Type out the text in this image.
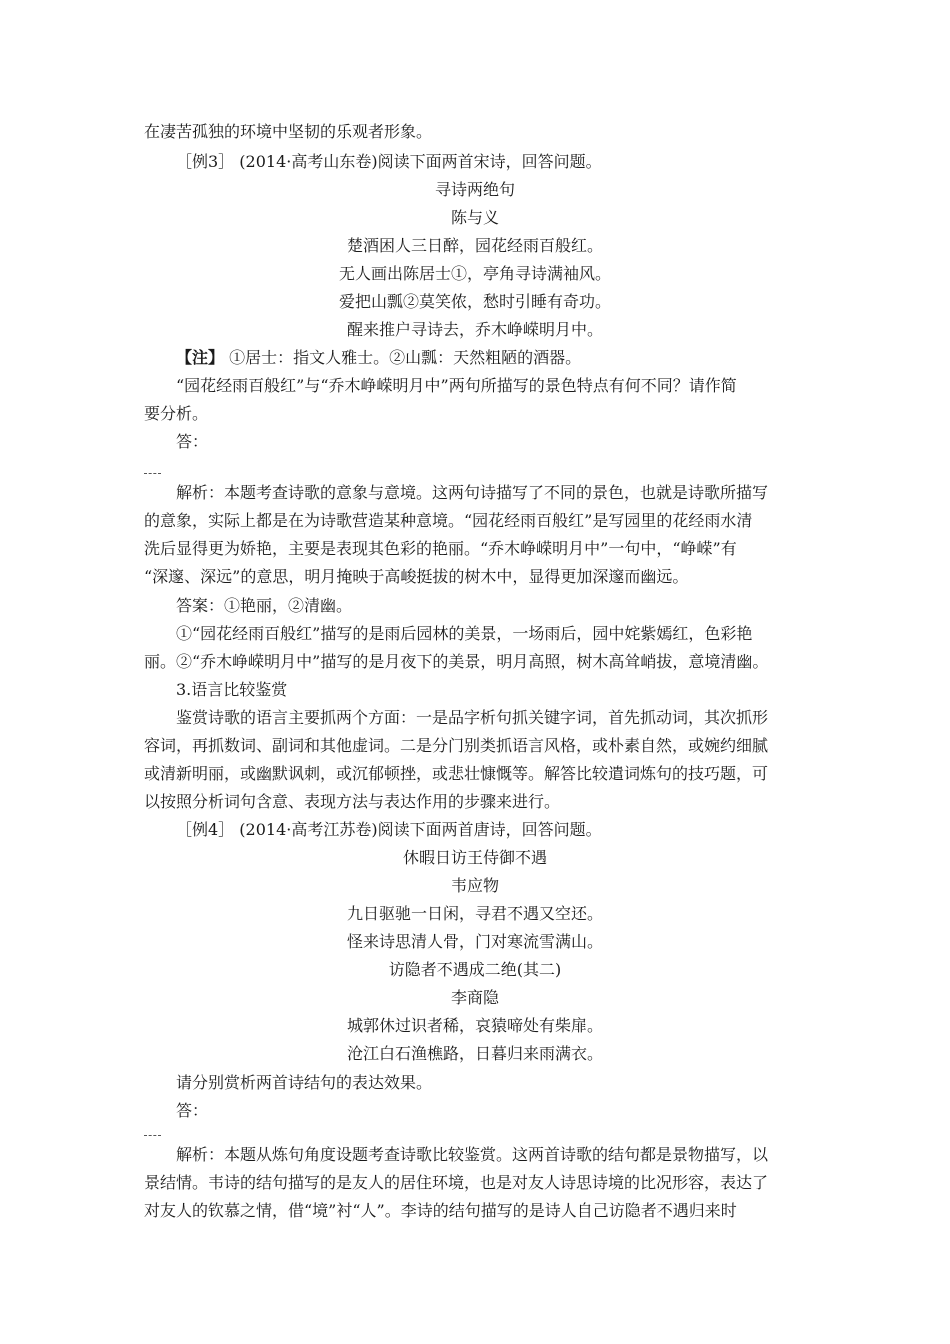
在凄苦孤独的环境中坚韧的乐观者形象。

［例3］ (2014·高考山东卷)阅读下面两首宋诗，回答问题。

寻诗两绝句

陈与义

楚酒困人三日醉，园花经雨百般红。

无人画出陈居士①，亭角寻诗满袖风。

爱把山瓢②莫笑侬，愁时引睡有奇功。

醒来推户寻诗去，乔木峥嵘明月中。

【注】 ①居士：指文人雅士。②山瓢：天然粗陋的酒器。

“园花经雨百般红”与“乔木峥嵘明月中”两句所描写的景色特点有何不同？请作简

要分析。

答：

解析：本题考查诗歌的意象与意境。这两句诗描写了不同的景色，也就是诗歌所描写

的意象，实际上都是在为诗歌营造某种意境。“园花经雨百般红”是写园里的花经雨水清

洗后显得更为娇艳，主要是表现其色彩的艳丽。“乔木峥嵘明月中”一句中，“峥嵘”有

“深邃、深远”的意思，明月掩映于高峻挺拔的树木中，显得更加深邃而幽远。

答案：①艳丽，②清幽。

①“园花经雨百般红”描写的是雨后园林的美景，一场雨后，园中姹紫嫣红，色彩艳

丽。②“乔木峥嵘明月中”描写的是月夜下的美景，明月高照，树木高耸峭拔，意境清幽。

3.语言比较鉴赏

鉴赏诗歌的语言主要抓两个方面：一是品字析句抓关键字词，首先抓动词，其次抓形

容词，再抓数词、副词和其他虚词。二是分门别类抓语言风格，或朴素自然，或婉约细腻

或清新明丽，或幽默讽刺，或沉郁顿挫，或悲壮慷慨等。解答比较遣词炼句的技巧题，可

以按照分析词句含意、表现方法与表达作用的步骤来进行。

［例4］ (2014·高考江苏卷)阅读下面两首唐诗，回答问题。

休暇日访王侍御不遇

韦应物

九日驱驰一日闲，寻君不遇又空还。

怪来诗思清人骨，门对寒流雪满山。

访隐者不遇成二绝(其二)

李商隐

城郭休过识者稀，哀猿啼处有柴扉。

沧江白石渔樵路，日暮归来雨满衣。

请分别赏析两首诗结句的表达效果。

答：

解析：本题从炼句角度设题考查诗歌比较鉴赏。这两首诗歌的结句都是景物描写，以

景结情。韦诗的结句描写的是友人的居住环境，也是对友人诗思诗境的比况形容，表达了

对友人的钦慕之情，借“境”衬“人”。李诗的结句描写的是诗人自己访隐者不遇归来时
